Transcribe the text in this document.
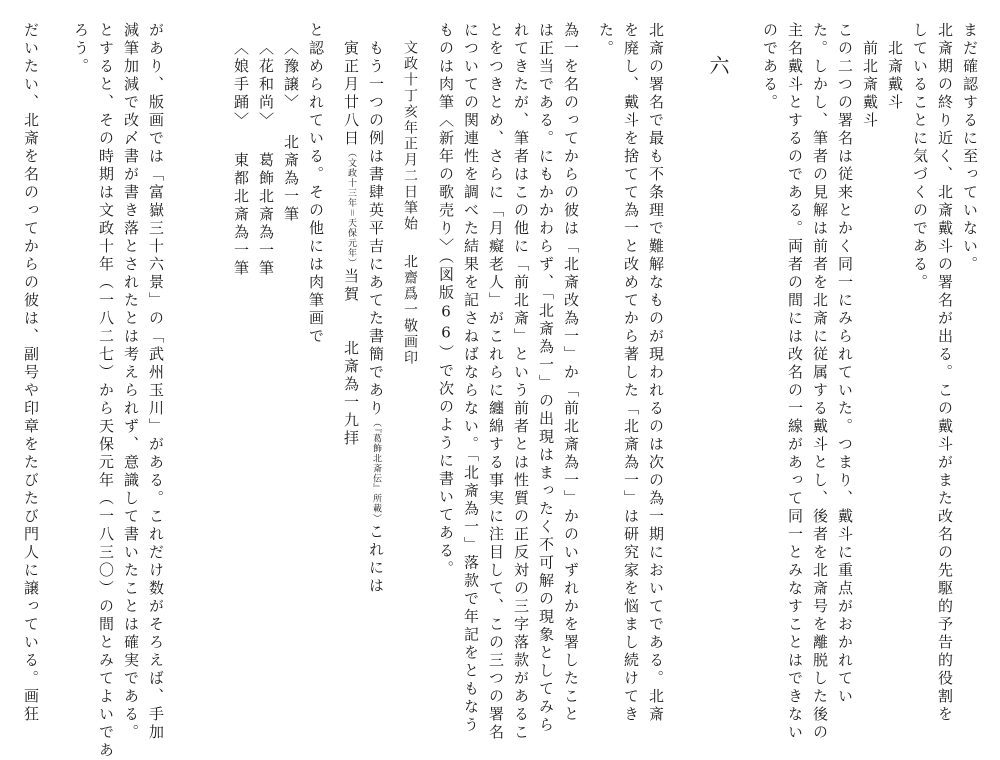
まだ確認するに至っていない。
北斎期の終り近く、北斎戴斗の署名が出る。この戴斗がまた改名の先駆的予告的役割を
していることに気づくのである。
北斎戴斗
前北斎戴斗
この二つの署名は従来とかく同一にみられていた。つまり、戴斗に重点がおかれてい
た。しかし、筆者の見解は前者を北斎に従属する戴斗とし、後者を北斎号を離脱した後の
主名戴斗とするのである。両者の間には改名の一線があって同一とみなすことはできない
のである。
六
北斎の署名で最も不条理で難解なものが現われるのは次の為一期においてである。北斎
を廃し、戴斗を捨てて為一と改めてから著した「北斎為一」は研究家を悩まし続けてき
た。
為一を名のってからの彼は「北斎改為一」か「前北斎為一」かのいずれかを署したこと
は正当である。にもかかわらず、「北斎為一」の出現はまったく不可解の現象としてみら
れてきたが、筆者はこの他に「前北斎」という前者とは性質の正反対の三字落款があるこ
とをつきとめ、さらに「月癡老人」がこれらに纏綿する事実に注目して、この三つの署名
についての関連性を調べた結果を記さねばならない。「北斎為一」落款で年記をともなう
ものは肉筆〈新年の歌売り〉（図版66）で次のように書いてある。
文政十丁亥年正月二日筆始北齋爲一敬画印
もう一つの例は書肆英平吉にあてた書簡であり（『葛飾北斎伝』所載）これには
寅正月廿八日（文政十三年＝天保元年）当賀　　北斎為一九拝
と認められている。その他には肉筆画で
〈豫譲〉北斎為一筆
〈花和尚〉葛飾北斎為一筆
〈娘手踊〉東都北斎為一筆
があり、版画では「富嶽三十六景」の「武州玉川」がある。これだけ数がそろえば、手加
減筆加減で改〆書が書き落とされたとは考えられず、意識して書いたことは確実である。
とすると、その時期は文政十年（一八二七）から天保元年（一八三〇）の間とみてよいであ
ろう。
だいたい、北斎を名のってからの彼は、副号や印章をたびたび門人に譲っている。画狂
